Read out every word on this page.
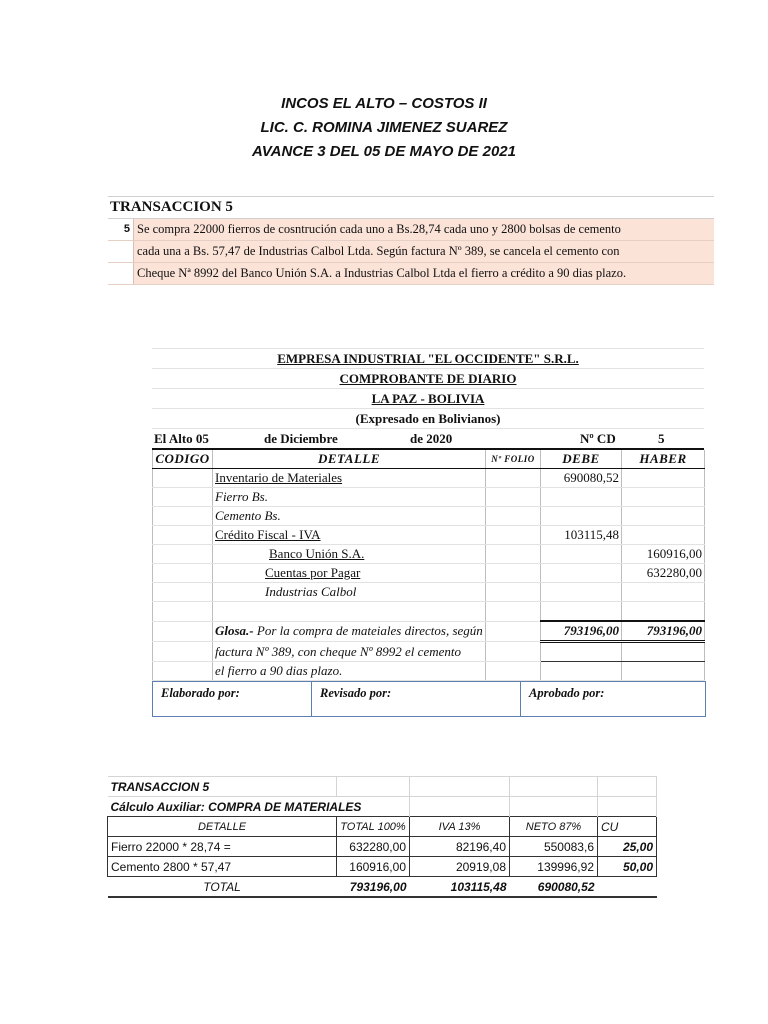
INCOS EL ALTO – COSTOS II
LIC. C. ROMINA JIMENEZ SUAREZ
AVANCE 3 DEL 05 DE MAYO DE 2021
TRANSACCION 5
5 Se compra 22000 fierros de cosntrución cada uno a Bs.28,74 cada uno y 2800 bolsas de cemento
cada una a Bs. 57,47 de Industrias Calbol Ltda. Según factura Nº 389, se cancela el cemento con
Cheque Nª 8992 del Banco Unión S.A. a Industrias Calbol Ltda el fierro a crédito a 90 dias plazo.
EMPRESA INDUSTRIAL "EL OCCIDENTE" S.R.L.
COMPROBANTE DE DIARIO
LA PAZ - BOLIVIA
(Expresado en Bolivianos)
El Alto 05	de Diciembre	de 2020	Nº CD	5
CODIGO	DETALLE	Nº FOLIO	DEBE	HABER
	Inventario de Materiales		690080,52	
	Fierro Bs.			
	Cemento Bs.			
	Crédito Fiscal - IVA		103115,48	
	Banco Unión S.A.			160916,00
	Cuentas por Pagar			632280,00
	Industrias Calbol			

	Glosa.- Por la compra de mateiales directos, según		793196,00	793196,00
	factura Nº 389, con cheque Nº 8992 el cemento			
	el fierro a 90 dias plazo.			
Elaborado por:	Revisado por:	Aprobado por:
TRANSACCION 5				
Cálculo Auxiliar: COMPRA DE MATERIALES				
DETALLE	TOTAL 100%	IVA 13%	NETO 87%	CU
Fierro 22000 * 28,74 =	632280,00	82196,40	550083,6	25,00
Cemento 2800 * 57,47	160916,00	20919,08	139996,92	50,00
TOTAL	793196,00	103115,48	690080,52	
